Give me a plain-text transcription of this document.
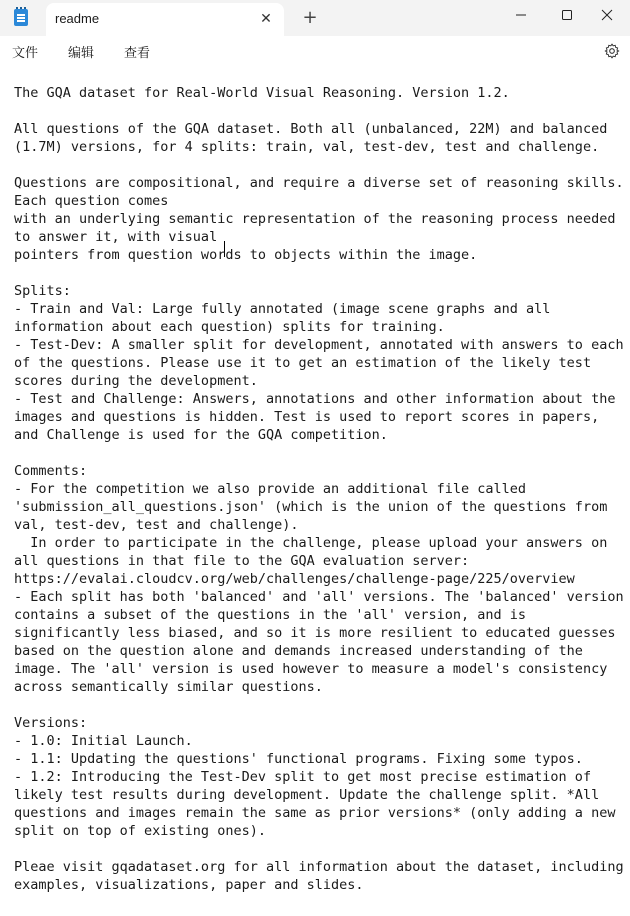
readme	✕ +
文件 编辑 查看
The GQA dataset for Real-World Visual Reasoning. Version 1.2.
All questions of the GQA dataset. Both all (unbalanced, 22M) and balanced
(1.7M) versions, for 4 splits: train, val, test-dev, test and challenge.
Questions are compositional, and require a diverse set of reasoning skills.
Each question comes
with an underlying semantic representation of the reasoning process needed
to answer it, with visual
pointers from question words to objects within the image.
Splits:
- Train and Val: Large fully annotated (image scene graphs and all
information about each question) splits for training.
- Test-Dev: A smaller split for development, annotated with answers to each
of the questions. Please use it to get an estimation of the likely test
scores during the development.
- Test and Challenge: Answers, annotations and other information about the
images and questions is hidden. Test is used to report scores in papers,
and Challenge is used for the GQA competition.
Comments:
- For the competition we also provide an additional file called
'submission_all_questions.json' (which is the union of the questions from
val, test-dev, test and challenge).
In order to participate in the challenge, please upload your answers on
all questions in that file to the GQA evaluation server:
https://evalai.cloudcv.org/web/challenges/challenge-page/225/overview
- Each split has both 'balanced' and 'all' versions. The 'balanced' version
contains a subset of the questions in the 'all' version, and is
significantly less biased, and so it is more resilient to educated guesses
based on the question alone and demands increased understanding of the
image. The 'all' version is used however to measure a model's consistency
across semantically similar questions.
Versions:
- 1.0: Initial Launch.
- 1.1: Updating the questions' functional programs. Fixing some typos.
- 1.2: Introducing the Test-Dev split to get most precise estimation of
likely test results during development. Update the challenge split. *All
questions and images remain the same as prior versions* (only adding a new
split on top of existing ones).
Pleae visit gqadataset.org for all information about the dataset, including
examples, visualizations, paper and slides.
